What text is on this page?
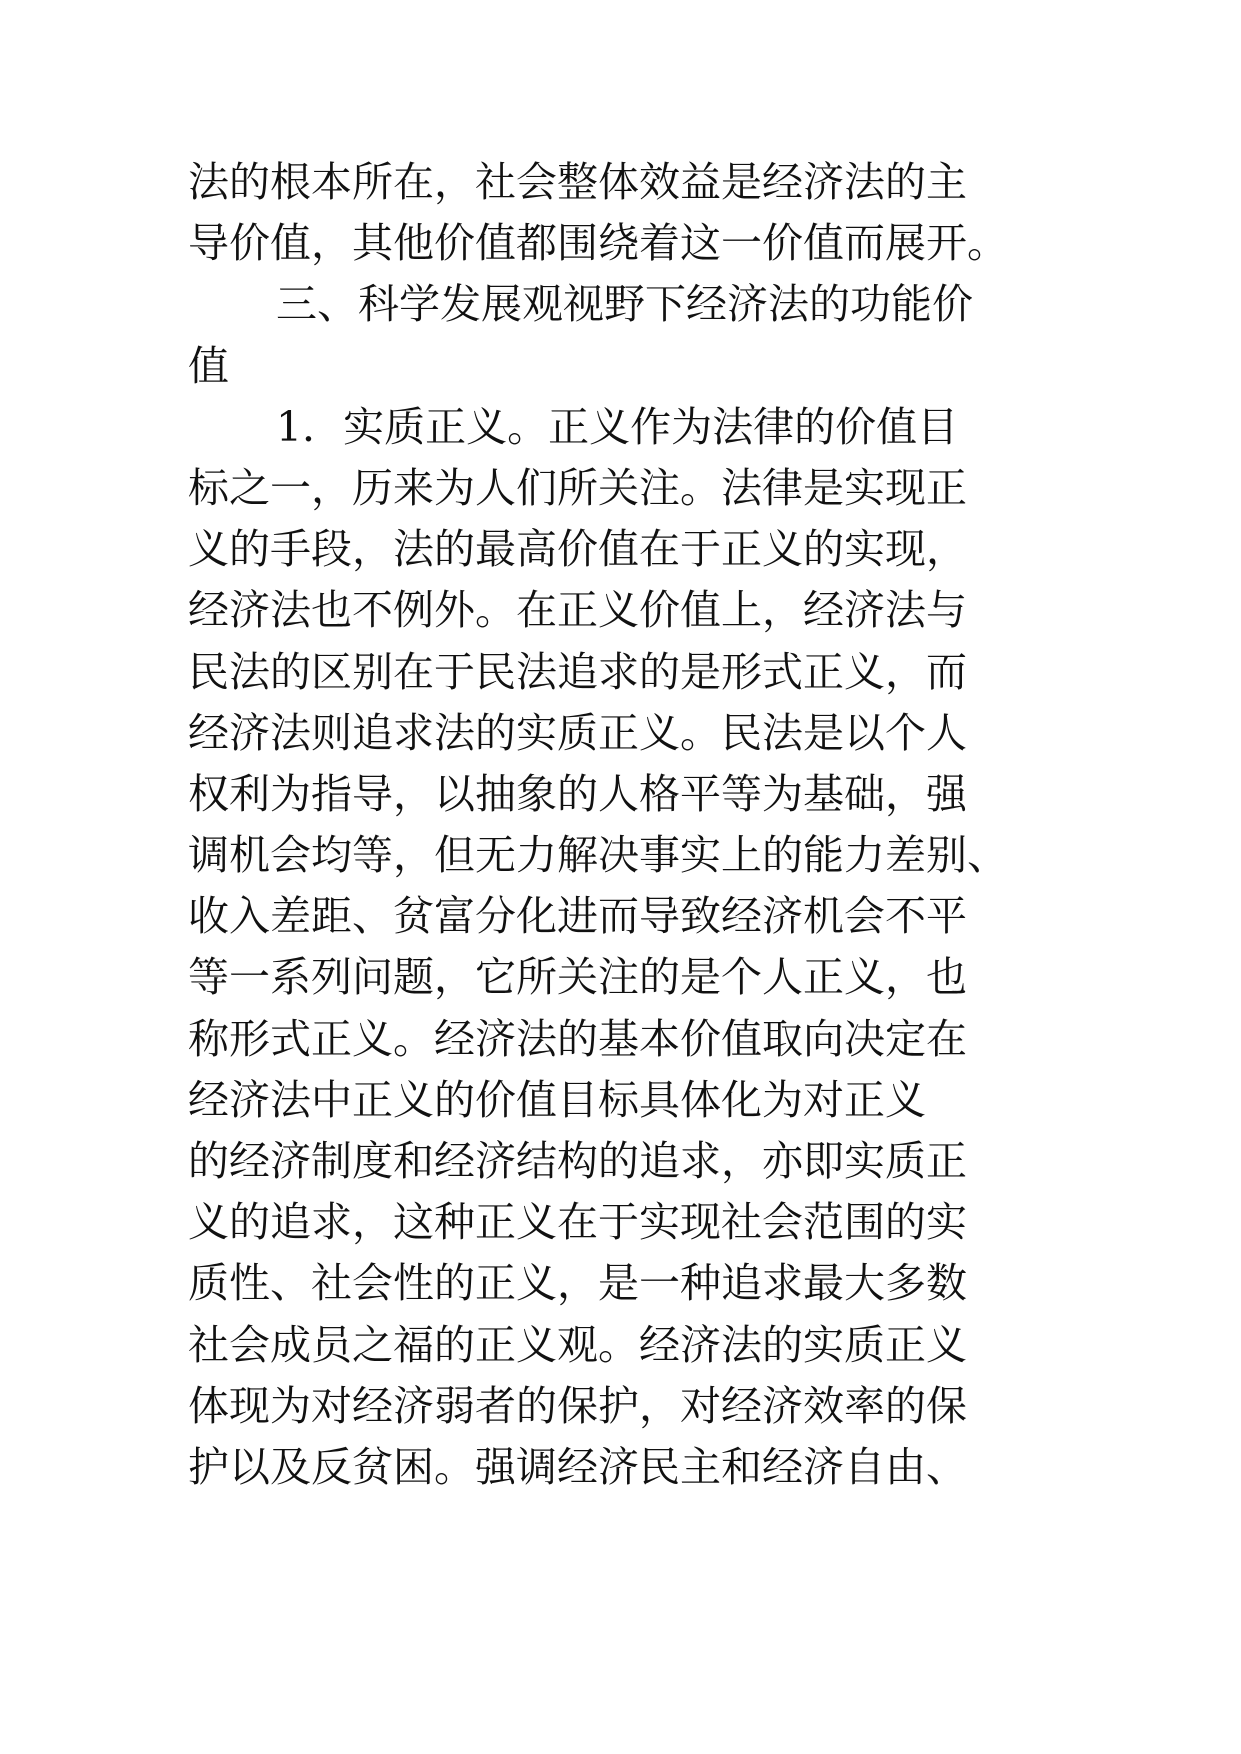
法的根本所在，社会整体效益是经济法的主
导价值，其他价值都围绕着这一价值而展开。
三、科学发展观视野下经济法的功能价
值
1．实质正义。正义作为法律的价值目
标之一，历来为人们所关注。法律是实现正
义的手段，法的最高价值在于正义的实现，
经济法也不例外。在正义价值上，经济法与
民法的区别在于民法追求的是形式正义，而
经济法则追求法的实质正义。民法是以个人
权利为指导，以抽象的人格平等为基础，强
调机会均等，但无力解决事实上的能力差别、
收入差距、贫富分化进而导致经济机会不平
等一系列问题，它所关注的是个人正义，也
称形式正义。经济法的基本价值取向决定在
经济法中正义的价值目标具体化为对正义
的经济制度和经济结构的追求，亦即实质正
义的追求，这种正义在于实现社会范围的实
质性、社会性的正义，是一种追求最大多数
社会成员之福的正义观。经济法的实质正义
体现为对经济弱者的保护，对经济效率的保
护以及反贫困。强调经济民主和经济自由、
